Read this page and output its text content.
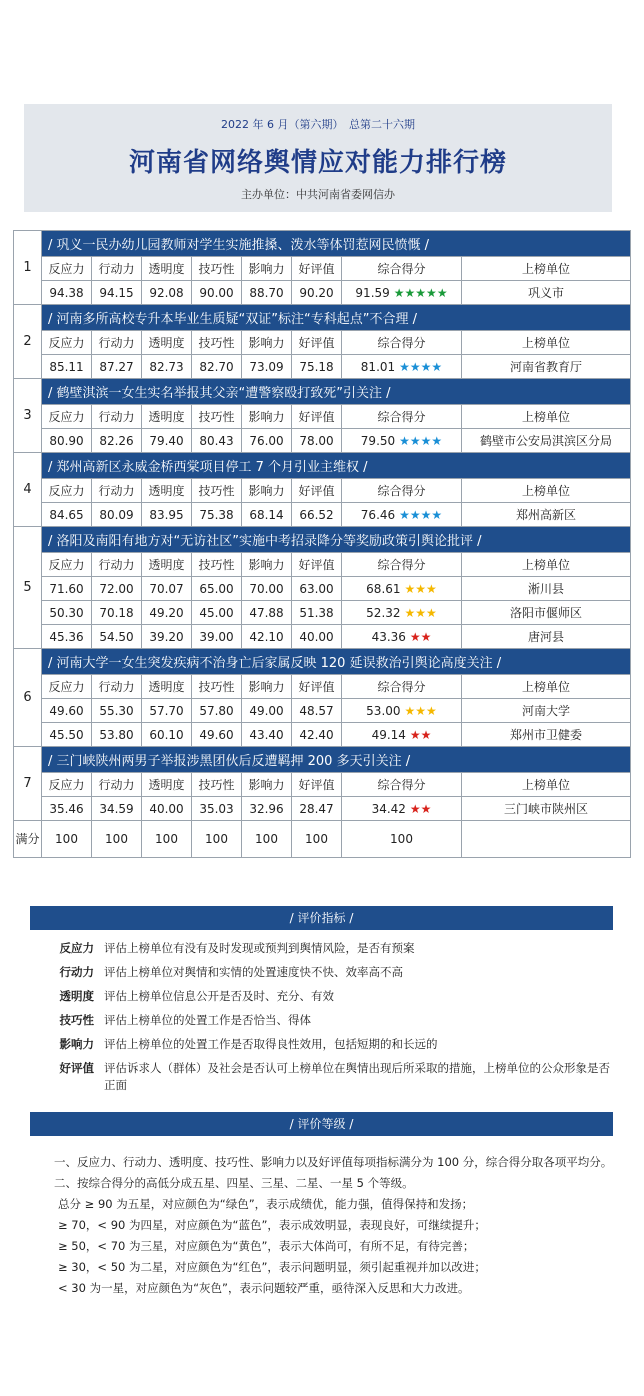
2022 年 6 月（第六期）　总第二十六期
河南省网络舆情应对能力排行榜
主办单位：中共河南省委网信办
1	/ 巩义一民办幼儿园教师对学生实施推搡、泼水等体罚惹网民愤慨 /							
	反应力	行动力	透明度	技巧性	影响力	好评值	综合得分	上榜单位
	94.38	94.15	92.08	90.00	88.70	90.20	91.59 ★★★★★	巩义市
2	/ 河南多所高校专升本毕业生质疑“双证”标注“专科起点”不合理 /							
	反应力	行动力	透明度	技巧性	影响力	好评值	综合得分	上榜单位
	85.11	87.27	82.73	82.70	73.09	75.18	81.01 ★★★★	河南省教育厅
3	/ 鹤壁淇滨一女生实名举报其父亲“遭警察殴打致死”引关注 /							
	反应力	行动力	透明度	技巧性	影响力	好评值	综合得分	上榜单位
	80.90	82.26	79.40	80.43	76.00	78.00	79.50 ★★★★	鹤壁市公安局淇滨区分局
4	/ 郑州高新区永威金桥西棠项目停工 7 个月引业主维权 /							
	反应力	行动力	透明度	技巧性	影响力	好评值	综合得分	上榜单位
	84.65	80.09	83.95	75.38	68.14	66.52	76.46 ★★★★	郑州高新区
5	/ 洛阳及南阳有地方对“无访社区”实施中考招录降分等奖励政策引舆论批评 /							
	反应力	行动力	透明度	技巧性	影响力	好评值	综合得分	上榜单位
	71.60	72.00	70.07	65.00	70.00	63.00	68.61 ★★★	淅川县
	50.30	70.18	49.20	45.00	47.88	51.38	52.32 ★★★	洛阳市偃师区
	45.36	54.50	39.20	39.00	42.10	40.00	43.36 ★★	唐河县
6	/ 河南大学一女生突发疾病不治身亡后家属反映 120 延误救治引舆论高度关注 /							
	反应力	行动力	透明度	技巧性	影响力	好评值	综合得分	上榜单位
	49.60	55.30	57.70	57.80	49.00	48.57	53.00 ★★★	河南大学
	45.50	53.80	60.10	49.60	43.40	42.40	49.14 ★★	郑州市卫健委
7	/ 三门峡陕州两男子举报涉黑团伙后反遭羁押 200 多天引关注 /							
	反应力	行动力	透明度	技巧性	影响力	好评值	综合得分	上榜单位
	35.46	34.59	40.00	35.03	32.96	28.47	34.42 ★★	三门峡市陕州区
满分	100	100	100	100	100	100	100	
/ 评价指标 /
反应力 评估上榜单位有没有及时发现或预判到舆情风险，是否有预案
行动力 评估上榜单位对舆情和实情的处置速度快不快、效率高不高
透明度 评估上榜单位信息公开是否及时、充分、有效
技巧性 评估上榜单位的处置工作是否恰当、得体
影响力 评估上榜单位的处置工作是否取得良性效用，包括短期的和长远的
好评值 评估诉求人（群体）及社会是否认可上榜单位在舆情出现后所采取的措施，上榜单位的公众形象是否正面
/ 评价等级 /

一、反应力、行动力、透明度、技巧性、影响力以及好评值每项指标满分为 100 分，综合得分取各项平均分。

二、按综合得分的高低分成五星、四星、三星、二星、一星 5 个等级。

总分 ≥ 90 为五星，对应颜色为“绿色”，表示成绩优，能力强，值得保持和发扬；

≥ 70，< 90 为四星，对应颜色为“蓝色”，表示成效明显，表现良好，可继续提升；

≥ 50，< 70 为三星，对应颜色为“黄色”，表示大体尚可，有所不足，有待完善；

≥ 30，< 50 为二星，对应颜色为“红色”，表示问题明显，须引起重视并加以改进；

< 30 为一星，对应颜色为“灰色”，表示问题较严重，亟待深入反思和大力改进。
